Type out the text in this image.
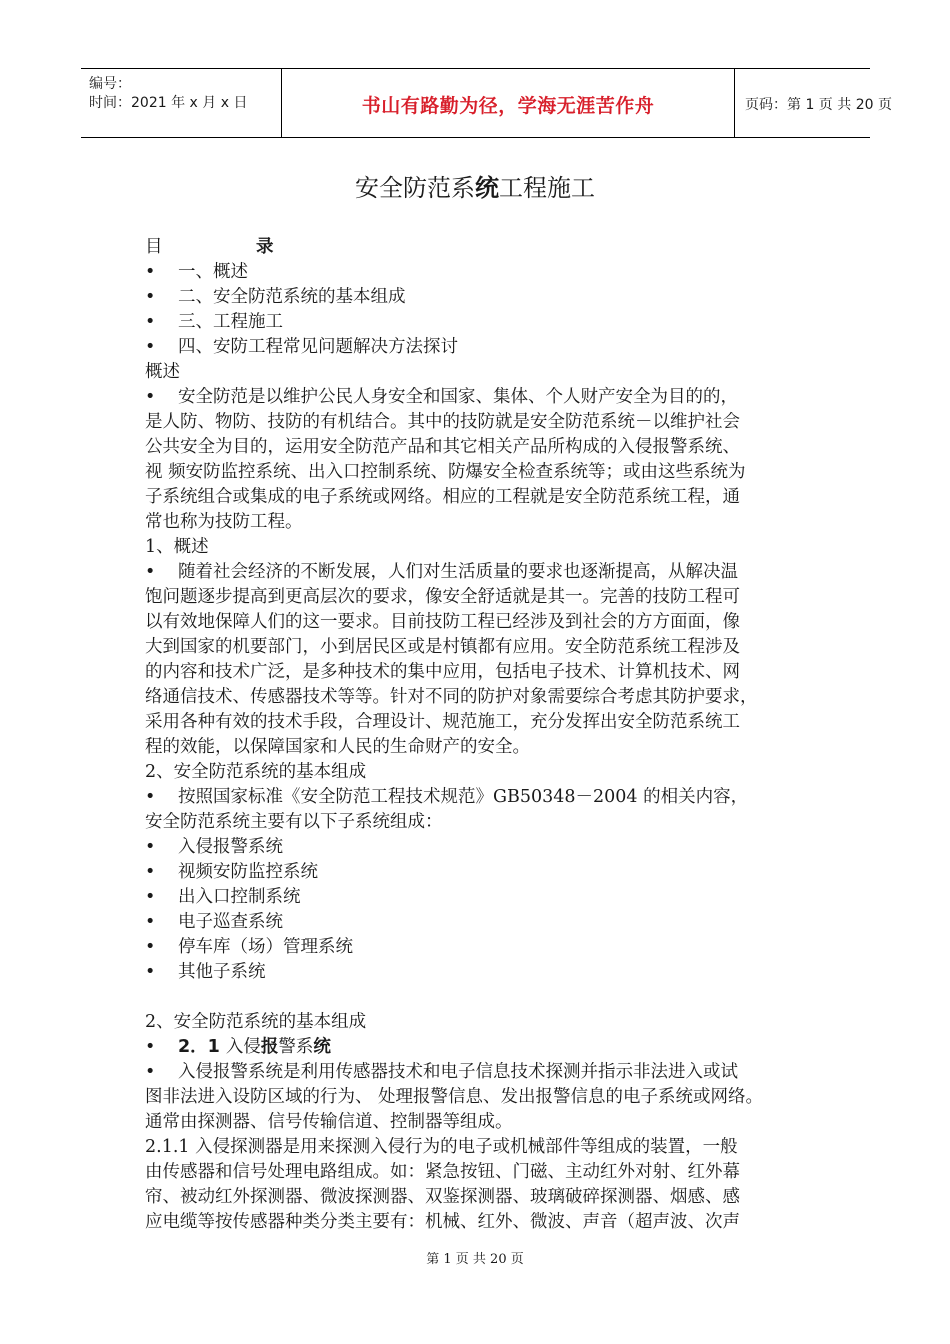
编号：
时间：2021 年 x 月 x 日	书山有路勤为径，学海无涯苦作舟	页码：第 1 页 共 20 页
安全防范系统工程施工
目	录
• 一、概述
• 二、安全防范系统的基本组成
• 三、工程施工
• 四、安防工程常见问题解决方法探讨
概述
• 安全防范是以维护公民人身安全和国家、集体、个人财产安全为目的的，
是人防、物防、技防的有机结合。其中的技防就是安全防范系统－以维护社会
公共安全为目的，运用安全防范产品和其它相关产品所构成的入侵报警系统、
视 频安防监控系统、出入口控制系统、防爆安全检查系统等；或由这些系统为
子系统组合或集成的电子系统或网络。相应的工程就是安全防范系统工程，通
常也称为技防工程。
1、概述
• 随着社会经济的不断发展，人们对生活质量的要求也逐渐提高，从解决温
饱问题逐步提高到更高层次的要求，像安全舒适就是其一。完善的技防工程可
以有效地保障人们的这一要求。目前技防工程已经涉及到社会的方方面面，像
大到国家的机要部门，小到居民区或是村镇都有应用。安全防范系统工程涉及
的内容和技术广泛，是多种技术的集中应用，包括电子技术、计算机技术、网
络通信技术、传感器技术等等。针对不同的防护对象需要综合考虑其防护要求，
采用各种有效的技术手段，合理设计、规范施工，充分发挥出安全防范系统工
程的效能，以保障国家和人民的生命财产的安全。
2、安全防范系统的基本组成
• 按照国家标准《安全防范工程技术规范》GB50348－2004 的相关内容，
安全防范系统主要有以下子系统组成：
• 入侵报警系统
• 视频安防监控系统
• 出入口控制系统
• 电子巡查系统
• 停车库（场）管理系统
• 其他子系统
2、安全防范系统的基本组成
• 2．1 入侵报警系统
• 入侵报警系统是利用传感器技术和电子信息技术探测并指示非法进入或试
图非法进入设防区域的行为、 处理报警信息、发出报警信息的电子系统或网络。
通常由探测器、信号传输信道、控制器等组成。
2.1.1 入侵探测器是用来探测入侵行为的电子或机械部件等组成的装置，一般
由传感器和信号处理电路组成。如：紧急按钮、门磁、主动红外对射、红外幕
帘、被动红外探测器、微波探测器、双鉴探测器、玻璃破碎探测器、烟感、感
应电缆等按传感器种类分类主要有：机械、红外、微波、声音（超声波、次声
第 1 页 共 20 页
